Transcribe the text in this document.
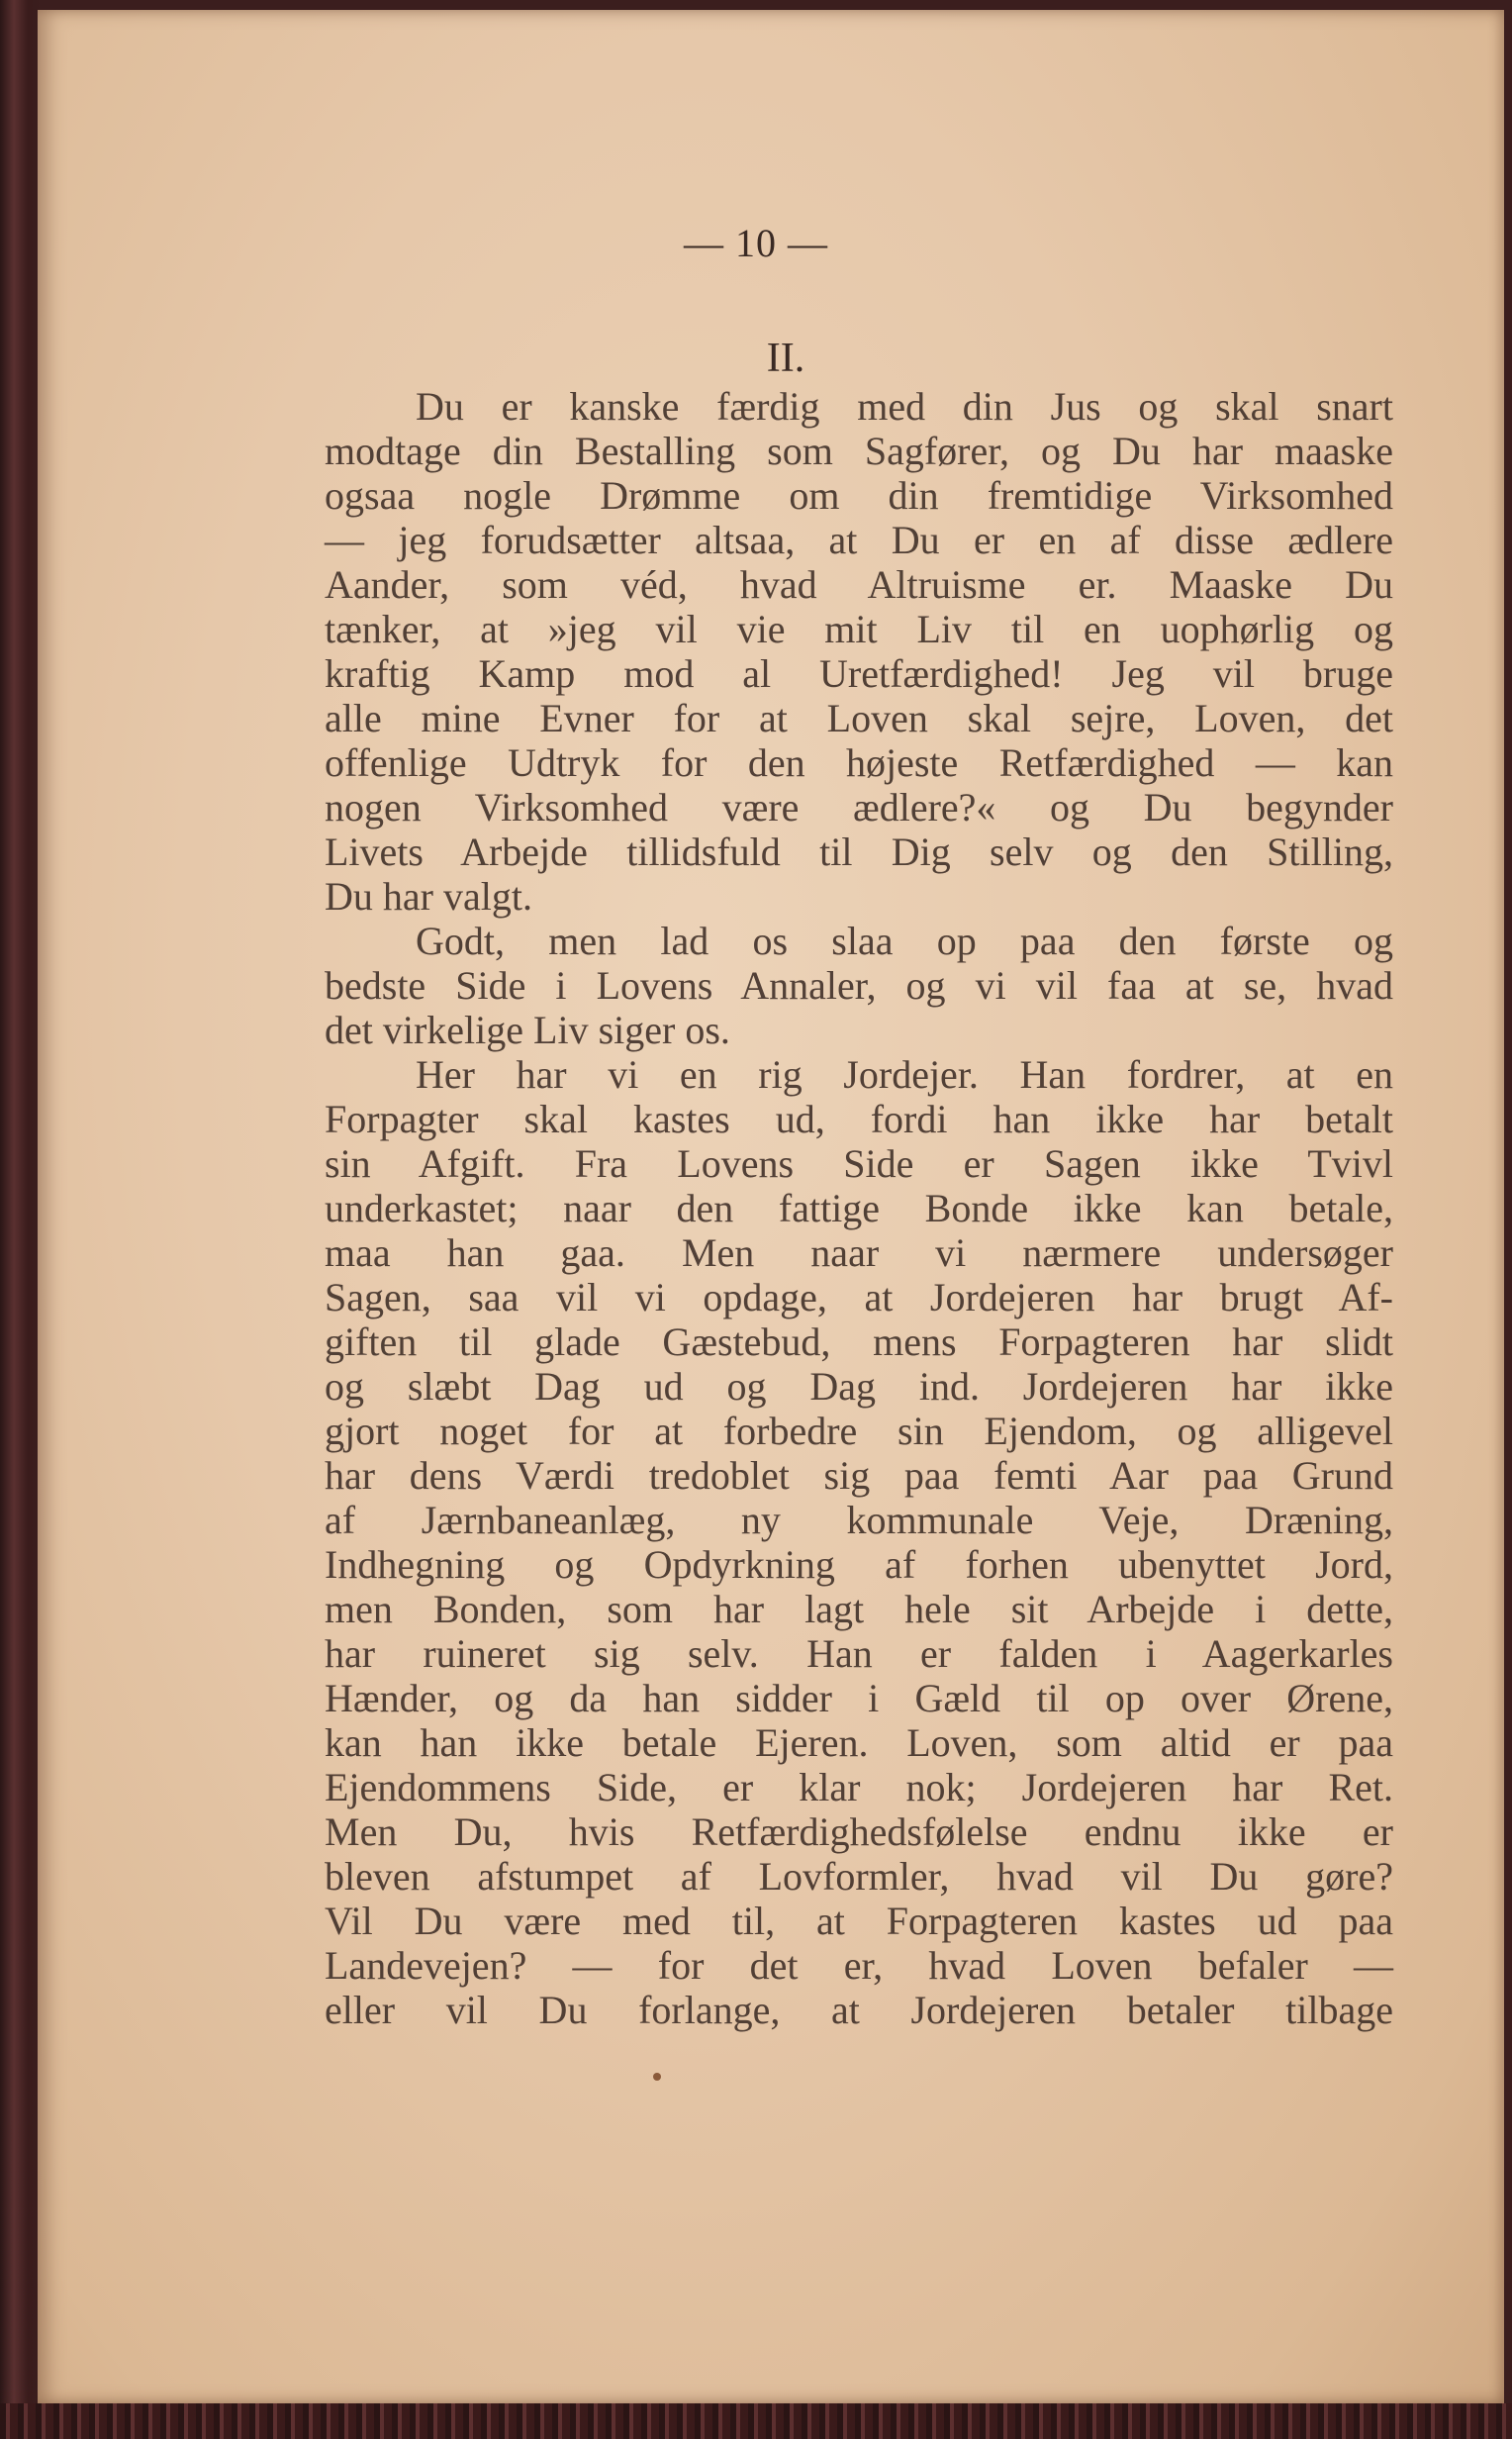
— 10 —
II.
Du er kanske færdig med din Jus og skal snart
modtage din Bestalling som Sagfører, og Du har maaske
ogsaa nogle Drømme om din fremtidige Virksomhed
— jeg forudsætter altsaa, at Du er en af disse ædlere
Aander, som véd, hvad Altruisme er. Maaske Du
tænker, at »jeg vil vie mit Liv til en uophørlig og
kraftig Kamp mod al Uretfærdighed! Jeg vil bruge
alle mine Evner for at Loven skal sejre, Loven, det
offenlige Udtryk for den højeste Retfærdighed — kan
nogen Virksomhed være ædlere?« og Du begynder
Livets Arbejde tillidsfuld til Dig selv og den Stilling,
Du har valgt.
Godt, men lad os slaa op paa den første og
bedste Side i Lovens Annaler, og vi vil faa at se, hvad
det virkelige Liv siger os.
Her har vi en rig Jordejer. Han fordrer, at en
Forpagter skal kastes ud, fordi han ikke har betalt
sin Afgift. Fra Lovens Side er Sagen ikke Tvivl
underkastet; naar den fattige Bonde ikke kan betale,
maa han gaa. Men naar vi nærmere undersøger
Sagen, saa vil vi opdage, at Jordejeren har brugt Af-
giften til glade Gæstebud, mens Forpagteren har slidt
og slæbt Dag ud og Dag ind. Jordejeren har ikke
gjort noget for at forbedre sin Ejendom, og alligevel
har dens Værdi tredoblet sig paa femti Aar paa Grund
af Jærnbaneanlæg, ny kommunale Veje, Dræning,
Indhegning og Opdyrkning af forhen ubenyttet Jord,
men Bonden, som har lagt hele sit Arbejde i dette,
har ruineret sig selv. Han er falden i Aagerkarles
Hænder, og da han sidder i Gæld til op over Ørene,
kan han ikke betale Ejeren. Loven, som altid er paa
Ejendommens Side, er klar nok; Jordejeren har Ret.
Men Du, hvis Retfærdighedsfølelse endnu ikke er
bleven afstumpet af Lovformler, hvad vil Du gøre?
Vil Du være med til, at Forpagteren kastes ud paa
Landevejen? — for det er, hvad Loven befaler —
eller vil Du forlange, at Jordejeren betaler tilbage
